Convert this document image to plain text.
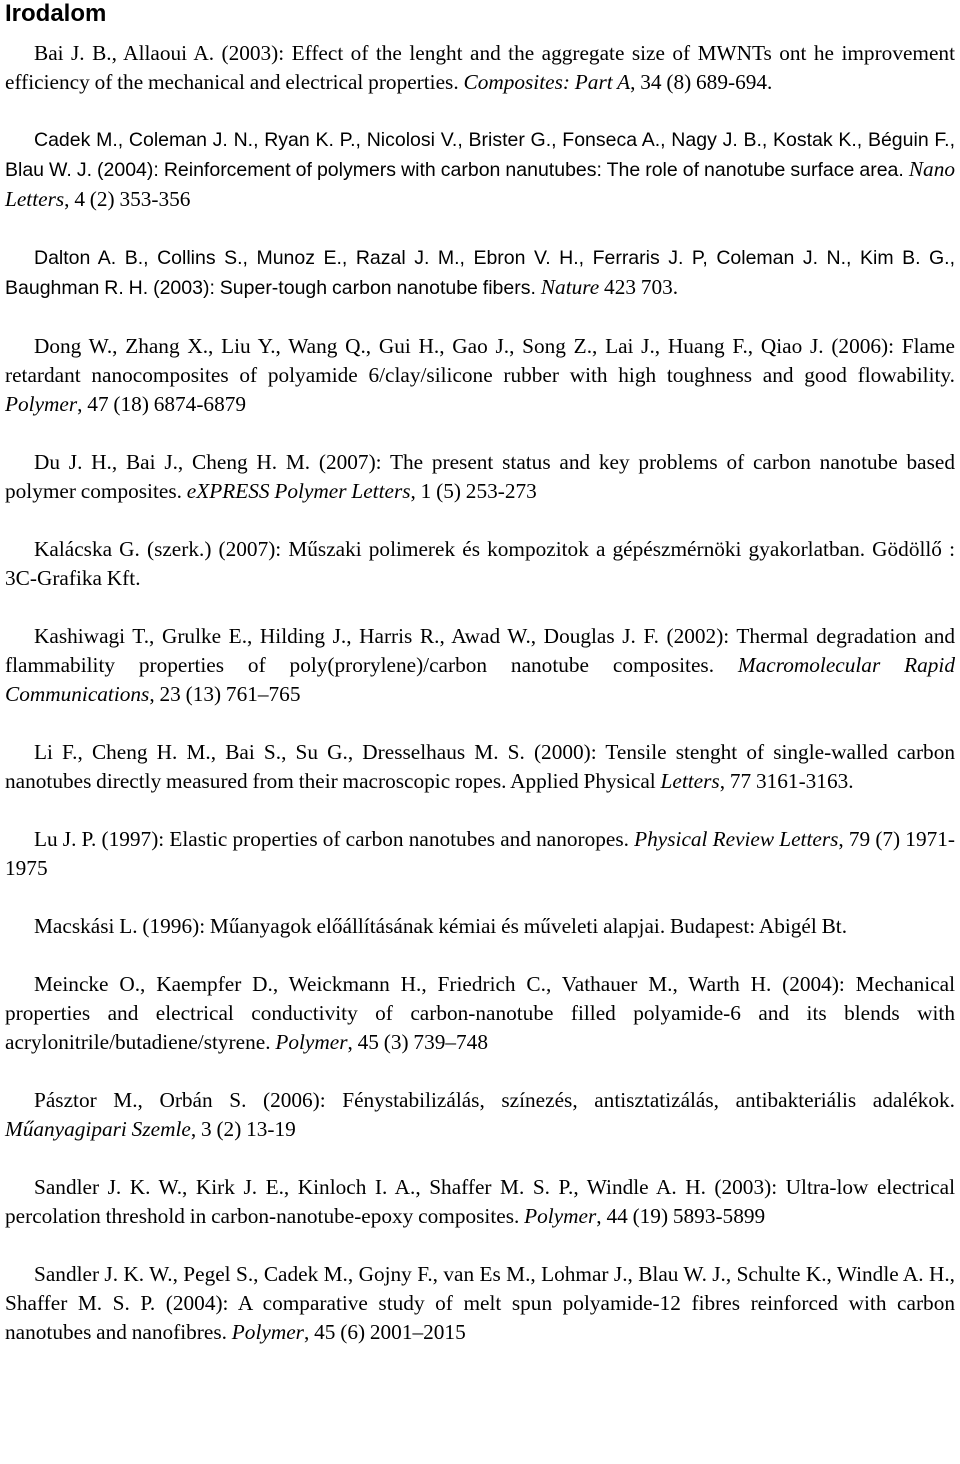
Irodalom

Bai J. B., Allaoui A. (2003): Effect of the lenght and the aggregate size of MWNTs ont he improvement efficiency of the mechanical and electrical properties. Composites: Part A, 34 (8) 689-694.

Cadek M., Coleman J. N., Ryan K. P., Nicolosi V., Brister G., Fonseca A., Nagy J. B., Kostak K., Béguin F., Blau W. J. (2004): Reinforcement of polymers with carbon nanutubes: The role of nanotube surface area. Nano Letters, 4 (2) 353-356

Dalton A. B., Collins S., Munoz E., Razal J. M., Ebron V. H., Ferraris J. P, Coleman J. N., Kim B. G., Baughman R. H. (2003): Super-tough carbon nanotube fibers. Nature 423 703.

Dong W., Zhang X., Liu Y., Wang Q., Gui H., Gao J., Song Z., Lai J., Huang F., Qiao J. (2006): Flame retardant nanocomposites of polyamide 6/clay/silicone rubber with high toughness and good flowability. Polymer, 47 (18) 6874-6879

Du J. H., Bai J., Cheng H. M. (2007): The present status and key problems of carbon nanotube based polymer composites. eXPRESS Polymer Letters, 1 (5) 253-273

Kalácska G. (szerk.) (2007): Műszaki polimerek és kompozitok a gépészmérnöki gyakorlatban. Gödöllő : 3C-Grafika Kft.

Kashiwagi T., Grulke E., Hilding J., Harris R., Awad W., Douglas J. F. (2002): Thermal degradation and flammability properties of poly(prorylene)/carbon nanotube composites. Macromolecular Rapid Communications, 23 (13) 761–765

Li F., Cheng H. M., Bai S., Su G., Dresselhaus M. S. (2000): Tensile stenght of single-walled carbon nanotubes directly measured from their macroscopic ropes. Applied Physical Letters, 77 3161-3163.

Lu J. P. (1997): Elastic properties of carbon nanotubes and nanoropes. Physical Review Letters, 79 (7) 1971-1975

Macskási L. (1996): Műanyagok előállításának kémiai és műveleti alapjai. Budapest: Abigél Bt.

Meincke O., Kaempfer D., Weickmann H., Friedrich C., Vathauer M., Warth H. (2004): Mechanical properties and electrical conductivity of carbon-nanotube filled polyamide-6 and its blends with acrylonitrile/butadiene/styrene. Polymer, 45 (3) 739–748

Pásztor M., Orbán S. (2006): Fénystabilizálás, színezés, antisztatizálás, antibakteriális adalékok. Műanyagipari Szemle, 3 (2) 13-19

Sandler J. K. W., Kirk J. E., Kinloch I. A., Shaffer M. S. P., Windle A. H. (2003): Ultra-low electrical percolation threshold in carbon-nanotube-epoxy composites. Polymer, 44 (19) 5893-5899

Sandler J. K. W., Pegel S., Cadek M., Gojny F., van Es M., Lohmar J., Blau W. J., Schulte K., Windle A. H., Shaffer M. S. P. (2004): A comparative study of melt spun polyamide-12 fibres reinforced with carbon nanotubes and nanofibres. Polymer, 45 (6) 2001–2015
